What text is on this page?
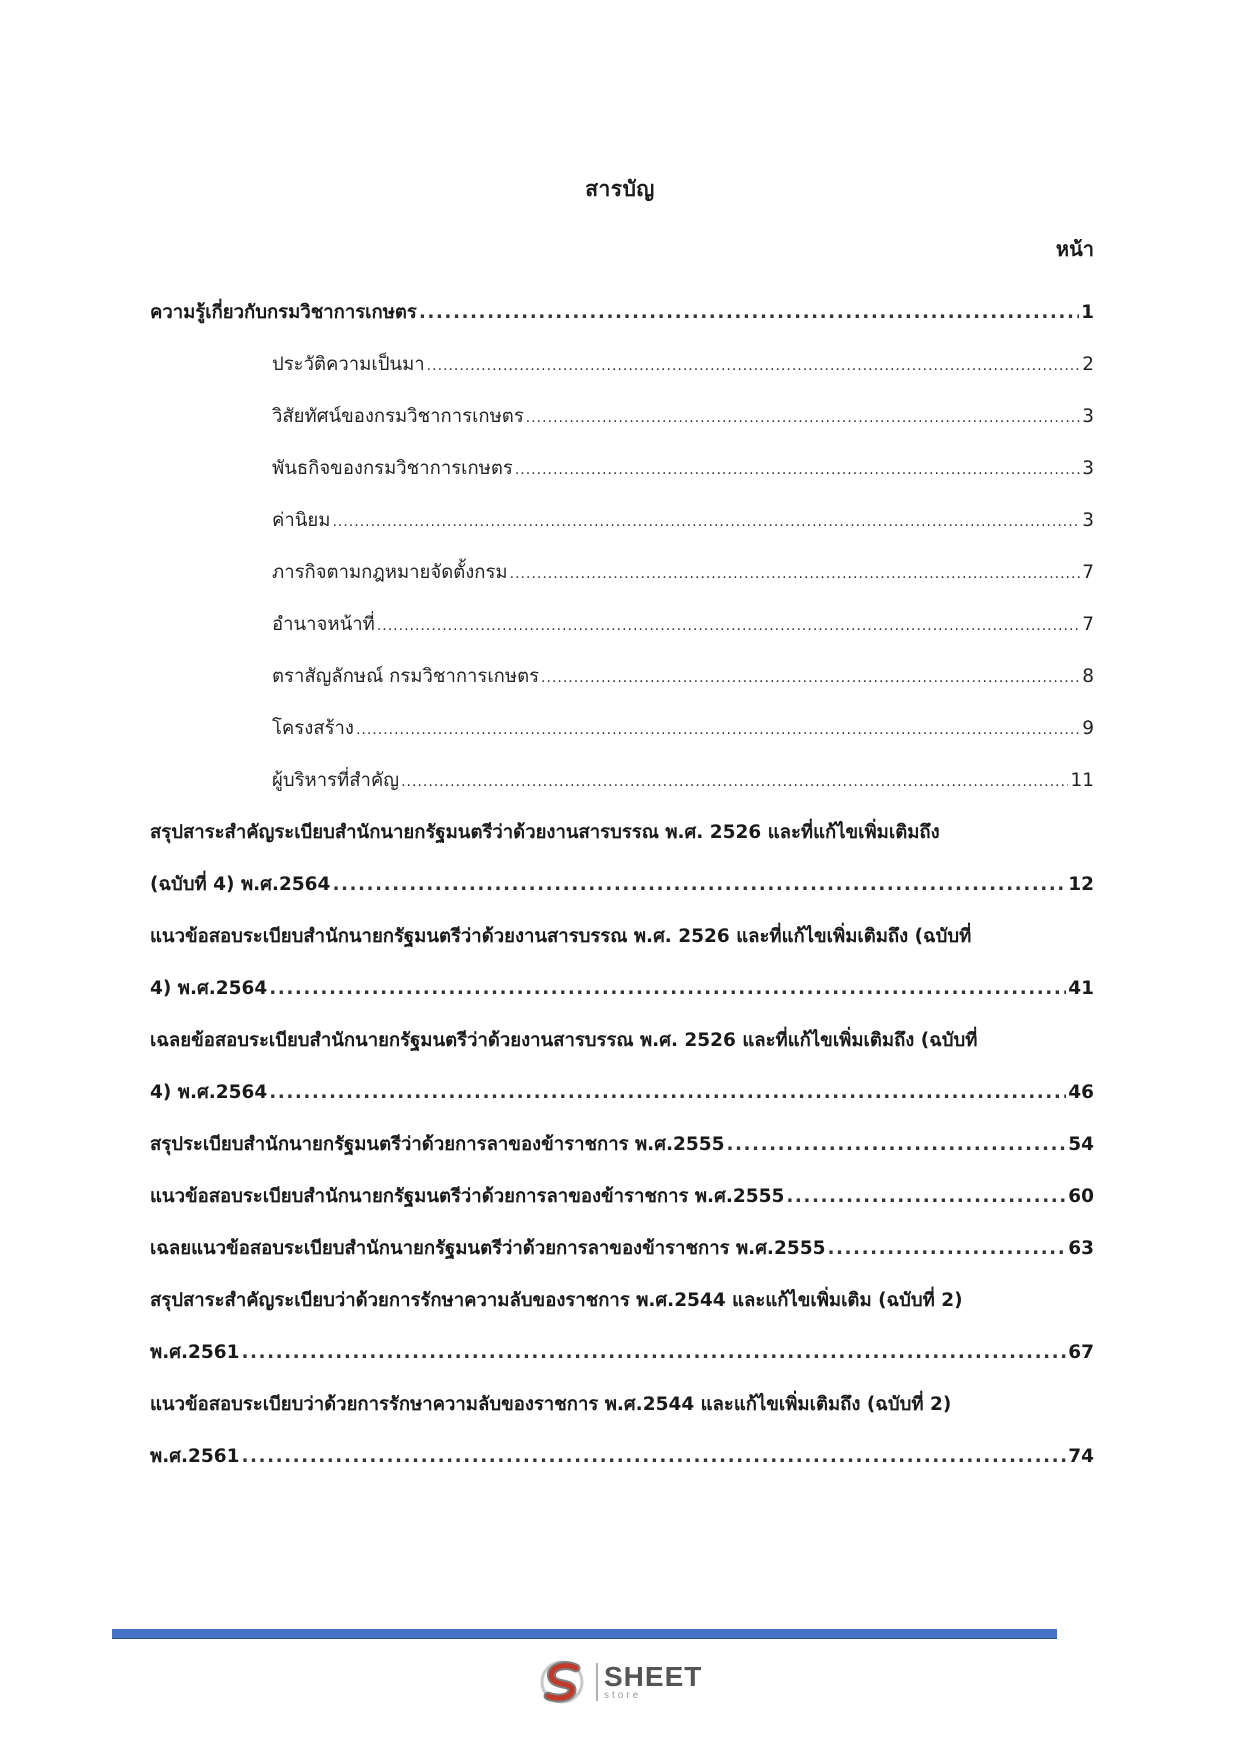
สารบัญ
หน้า
ความรู้เกี่ยวกับกรมวิชาการเกษตร .....	1
ประวัติความเป็นมา .....	2
วิสัยทัศน์ของกรมวิชาการเกษตร .....	3
พันธกิจของกรมวิชาการเกษตร .....	3
ค่านิยม .....	3
ภารกิจตามกฎหมายจัดตั้งกรม .....	7
อำนาจหน้าที่ .....	7
ตราสัญลักษณ์ กรมวิชาการเกษตร .....	8
โครงสร้าง .....	9
ผู้บริหารที่สำคัญ .....	11
สรุปสาระสำคัญระเบียบสำนักนายกรัฐมนตรีว่าด้วยงานสารบรรณ พ.ศ. 2526 และที่แก้ไขเพิ่มเติมถึง
(ฉบับที่ 4) พ.ศ.2564 .....	12
แนวข้อสอบระเบียบสำนักนายกรัฐมนตรีว่าด้วยงานสารบรรณ พ.ศ. 2526 และที่แก้ไขเพิ่มเติมถึง (ฉบับที่
4) พ.ศ.2564 .....	41
เฉลยข้อสอบระเบียบสำนักนายกรัฐมนตรีว่าด้วยงานสารบรรณ พ.ศ. 2526 และที่แก้ไขเพิ่มเติมถึง (ฉบับที่
4) พ.ศ.2564 .....	46
สรุประเบียบสำนักนายกรัฐมนตรีว่าด้วยการลาของข้าราชการ พ.ศ.2555 .....	54
แนวข้อสอบระเบียบสำนักนายกรัฐมนตรีว่าด้วยการลาของข้าราชการ พ.ศ.2555 .....	60
เฉลยแนวข้อสอบระเบียบสำนักนายกรัฐมนตรีว่าด้วยการลาของข้าราชการ พ.ศ.2555 .....	63
สรุปสาระสำคัญระเบียบว่าด้วยการรักษาความลับของราชการ พ.ศ.2544 และแก้ไขเพิ่มเติม (ฉบับที่ 2)
พ.ศ.2561 .....	67
แนวข้อสอบระเบียบว่าด้วยการรักษาความลับของราชการ พ.ศ.2544 และแก้ไขเพิ่มเติมถึง (ฉบับที่ 2)
พ.ศ.2561 .....	74
SHEET
store
